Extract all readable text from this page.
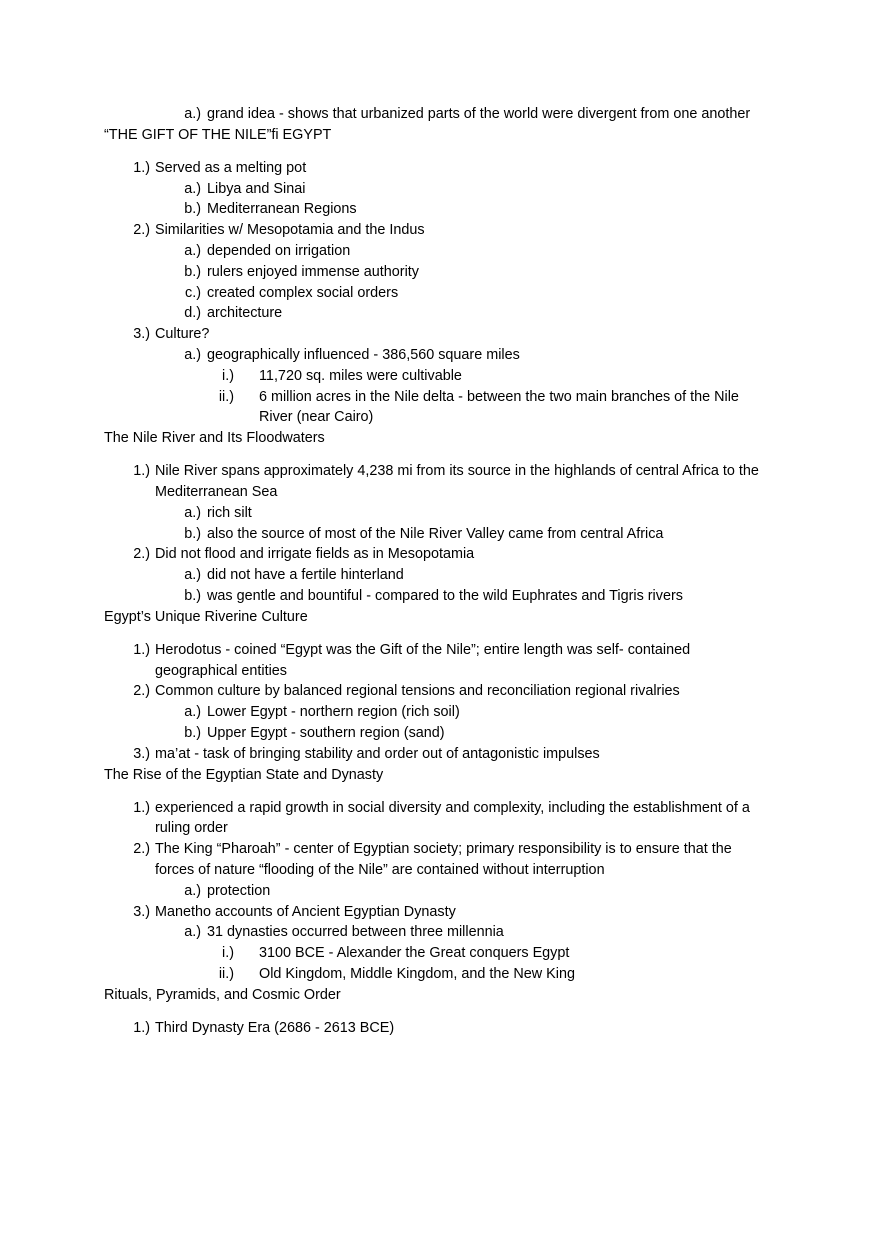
a.) grand idea - shows that urbanized parts of the world were divergent from one another
“THE GIFT OF THE NILE”fi EGYPT
1.) Served as a melting pot
a.) Libya and Sinai
b.) Mediterranean Regions
2.) Similarities w/ Mesopotamia and the Indus
a.) depended on irrigation
b.) rulers enjoyed immense authority
c.) created complex social orders
d.) architecture
3.) Culture?
a.) geographically influenced - 386,560 square miles
i.) 11,720 sq. miles were cultivable
ii.) 6 million acres in the Nile delta - between the two main branches of the Nile
River (near Cairo)
The Nile River and Its Floodwaters
1.) Nile River spans approximately 4,238 mi from its source in the highlands of central Africa to the
Mediterranean Sea
a.) rich silt
b.) also the source of most of the Nile River Valley came from central Africa
2.) Did not flood and irrigate fields as in Mesopotamia
a.) did not have a fertile hinterland
b.) was gentle and bountiful - compared to the wild Euphrates and Tigris rivers
Egypt’s Unique Riverine Culture
1.) Herodotus - coined “Egypt was the Gift of the Nile”; entire length was self- contained
geographical entities
2.) Common culture by balanced regional tensions and reconciliation regional rivalries
a.) Lower Egypt - northern region (rich soil)
b.) Upper Egypt - southern region (sand)
3.) ma’at - task of bringing stability and order out of antagonistic impulses
The Rise of the Egyptian State and Dynasty
1.) experienced a rapid growth in social diversity and complexity, including the establishment of a
ruling order
2.) The King “Pharoah” - center of Egyptian society; primary responsibility is to ensure that the
forces of nature “flooding of the Nile” are contained without interruption
a.) protection
3.) Manetho accounts of Ancient Egyptian Dynasty
a.) 31 dynasties occurred between three millennia
i.) 3100 BCE - Alexander the Great conquers Egypt
ii.) Old Kingdom, Middle Kingdom, and the New King
Rituals, Pyramids, and Cosmic Order
1.) Third Dynasty Era (2686 - 2613 BCE)
